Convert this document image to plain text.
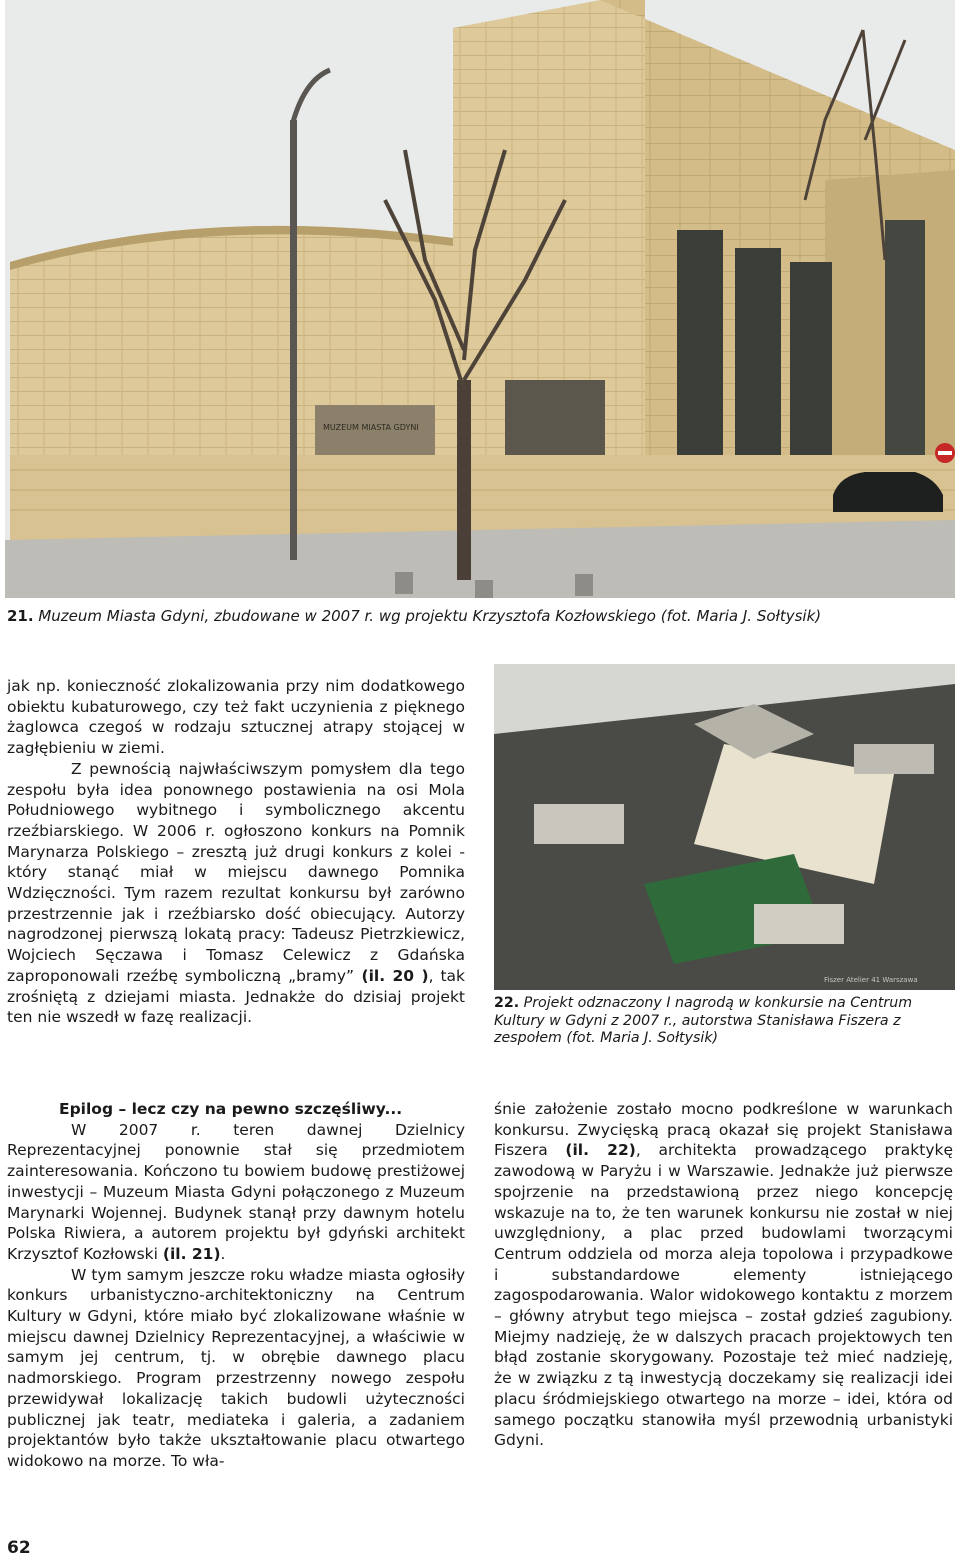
MUZEUM MIASTA GDYNI
21. Muzeum Miasta Gdyni, zbudowane w 2007 r. wg projektu Krzysztofa Kozłowskiego (fot. Maria J. Sołtysik)

jak np. konieczność zlokalizowania przy nim dodatkowego obiektu kubaturowego, czy też fakt uczynienia z pięknego żaglowca czegoś w rodzaju sztucznej atrapy stojącej w zagłębieniu w ziemi.

Z pewnością najwłaściwszym pomysłem dla tego zespołu była idea ponownego postawienia na osi Mola Południowego wybitnego i symbolicznego akcentu rzeźbiarskiego. W 2006 r. ogłoszono konkurs na Pomnik Marynarza Polskiego – zresztą już drugi konkurs z kolei - który stanąć miał w miejscu dawnego Pomnika Wdzięczności. Tym razem rezultat konkursu był zarówno przestrzennie jak i rzeźbiarsko dość obiecujący. Autorzy nagrodzonej pierwszą lokatą pracy: Tadeusz Pietrzkiewicz, Wojciech Sęczawa i Tomasz Celewicz z Gdańska zaproponowali rzeźbę symboliczną „bramy” (il. 20 ), tak zrośniętą z dziejami miasta. Jednakże do dzisiaj projekt ten nie wszedł w fazę realizacji.

Fiszer Atelier 41 Warszawa
22. Projekt odznaczony I nagrodą w konkursie na Centrum Kultury w Gdyni z 2007 r., autorstwa Stanisława Fiszera z zespołem (fot. Maria J. Sołtysik)
Epilog – lecz czy na pewno szczęśliwy...

W 2007 r. teren dawnej Dzielnicy Reprezentacyjnej ponownie stał się przedmiotem zainteresowania. Kończono tu bowiem budowę prestiżowej inwestycji – Muzeum Miasta Gdyni połączonego z Muzeum Marynarki Wojennej. Budynek stanął przy dawnym hotelu Polska Riwiera, a autorem projektu był gdyński architekt Krzysztof Kozłowski (il. 21).

W tym samym jeszcze roku władze miasta ogłosiły konkurs urbanistyczno-architektoniczny na Centrum Kultury w Gdyni, które miało być zlokalizowane właśnie w miejscu dawnej Dzielnicy Reprezentacyjnej, a właściwie w samym jej centrum, tj. w obrębie dawnego placu nadmorskiego. Program przestrzenny nowego zespołu przewidywał lokalizację takich budowli użyteczności publicznej jak teatr, mediateka i galeria, a zadaniem projektantów było także ukształtowanie placu otwartego widokowo na morze. To wła-

śnie założenie zostało mocno podkreślone w warunkach konkursu. Zwycięską pracą okazał się projekt Stanisława Fiszera (il. 22), architekta prowadzącego praktykę zawodową w Paryżu i w Warszawie. Jednakże już pierwsze spojrzenie na przedstawioną przez niego koncepcję wskazuje na to, że ten warunek konkursu nie został w niej uwzględniony, a plac przed budowlami tworzącymi Centrum oddziela od morza aleja topolowa i przypadkowe i substandardowe elementy istniejącego zagospodarowania. Walor widokowego kontaktu z morzem – główny atrybut tego miejsca – został gdzieś zagubiony. Miejmy nadzieję, że w dalszych pracach projektowych ten błąd zostanie skorygowany. Pozostaje też mieć nadzieję, że w związku z tą inwestycją doczekamy się realizacji idei placu śródmiejskiego otwartego na morze – idei, która od samego początku stanowiła myśl przewodnią urbanistyki Gdyni.

62
